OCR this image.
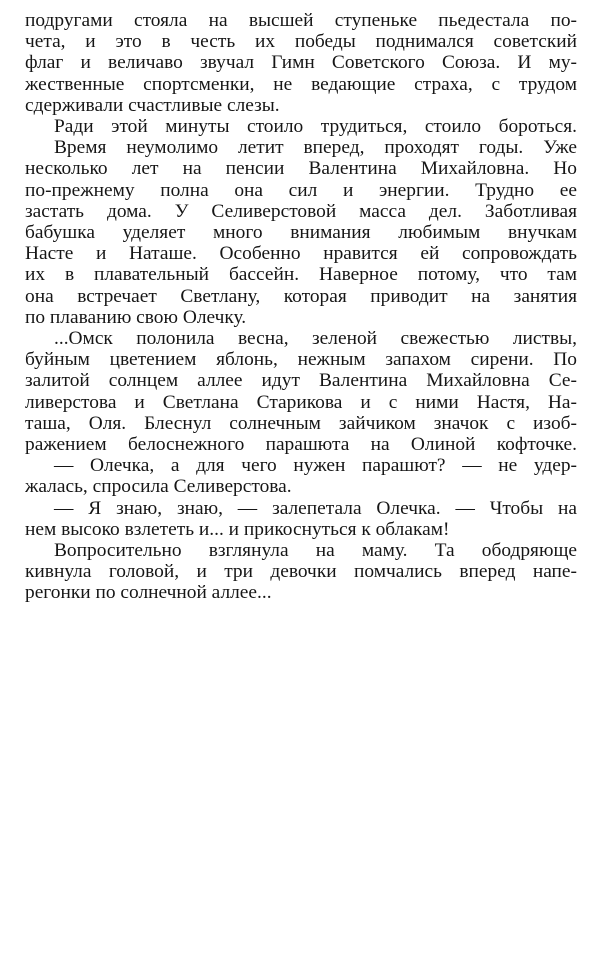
подругами стояла на высшей ступеньке пьедестала по-
чета, и это в честь их победы поднимался советский
флаг и величаво звучал Гимн Советского Союза. И му-
жественные спортсменки, не ведающие страха, с трудом
сдерживали счастливые слезы.
Ради этой минуты стоило трудиться, стоило бороться.
Время неумолимо летит вперед, проходят годы. Уже
несколько лет на пенсии Валентина Михайловна. Но
по-прежнему полна она сил и энергии. Трудно ее
застать дома. У Селиверстовой масса дел. Заботливая
бабушка уделяет много внимания любимым внучкам
Насте и Наташе. Особенно нравится ей сопровождать
их в плавательный бассейн. Наверное потому, что там
она встречает Светлану, которая приводит на занятия
по плаванию свою Олечку.
...Омск полонила весна, зеленой свежестью листвы,
буйным цветением яблонь, нежным запахом сирени. По
залитой солнцем аллее идут Валентина Михайловна Се-
ливерстова и Светлана Старикова и с ними Настя, На-
таша, Оля. Блеснул солнечным зайчиком значок с изоб-
ражением белоснежного парашюта на Олиной кофточке.
— Олечка, а для чего нужен парашют? — не удер-
жалась, спросила Селиверстова.
— Я знаю, знаю, — залепетала Олечка. — Чтобы на
нем высоко взлететь и... и прикоснуться к облакам!
Вопросительно взглянула на маму. Та ободряюще
кивнула головой, и три девочки помчались вперед напе-
регонки по солнечной аллее...
